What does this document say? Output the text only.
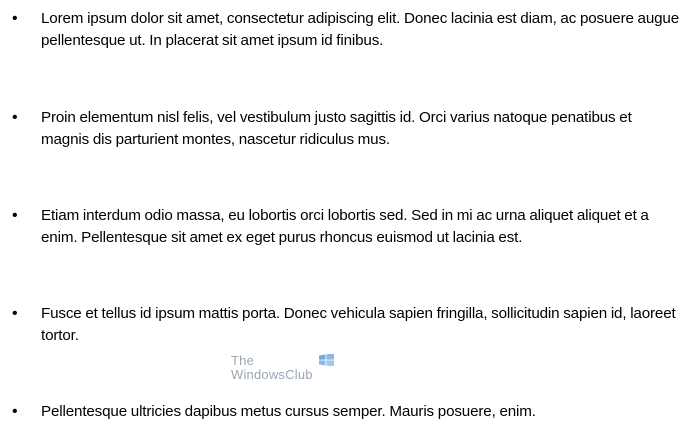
•	Lorem ipsum dolor sit amet, consectetur adipiscing elit. Donec lacinia est diam, ac posuere augue pellentesque ut. In placerat sit amet ipsum id finibus.
•	Proin elementum nisl felis, vel vestibulum justo sagittis id. Orci varius natoque penatibus et magnis dis parturient montes, nascetur ridiculus mus.
•	Etiam interdum odio massa, eu lobortis orci lobortis sed. Sed in mi ac urna aliquet aliquet et a enim. Pellentesque sit amet ex eget purus rhoncus euismod ut lacinia est.
•	Fusce et tellus id ipsum mattis porta. Donec vehicula sapien fringilla, sollicitudin sapien id, laoreet tortor.
•	Pellentesque ultricies dapibus metus cursus semper. Mauris posuere, enim.
The
WindowsClub
